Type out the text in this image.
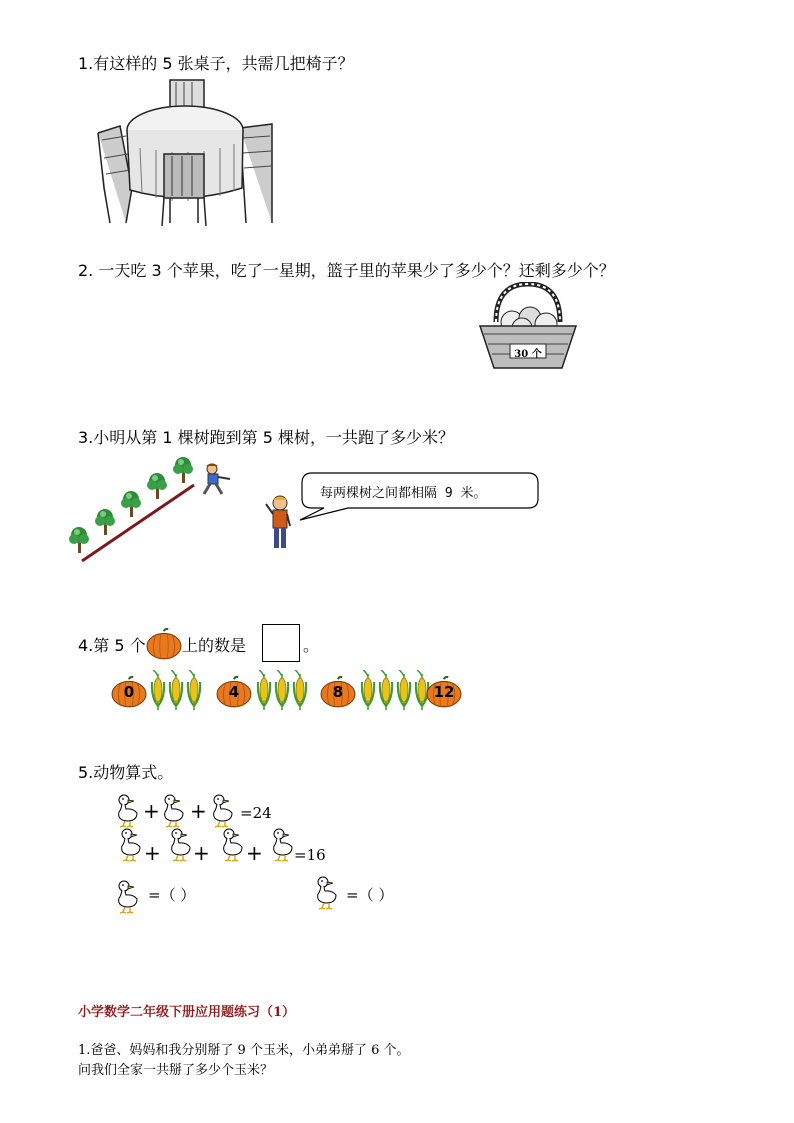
1.有这样的 5 张桌子，共需几把椅子？
2. 一天吃 3 个苹果，吃了一星期，篮子里的苹果少了多少个？还剩多少个？
30 个
3.小明从第 1 棵树跑到第 5 棵树，一共跑了多少米？
每两棵树之间都相隔 9 米。
4.第 5 个 上的数是	。
0	4	8	12
5.动物算式。
+ + =24
+ + + =16
=（ ）	=（ ）
小学数学二年级下册应用题练习（1）
1.爸爸、妈妈和我分别掰了 9 个玉米，小弟弟掰了 6 个。
问我们全家一共掰了多少个玉米？
